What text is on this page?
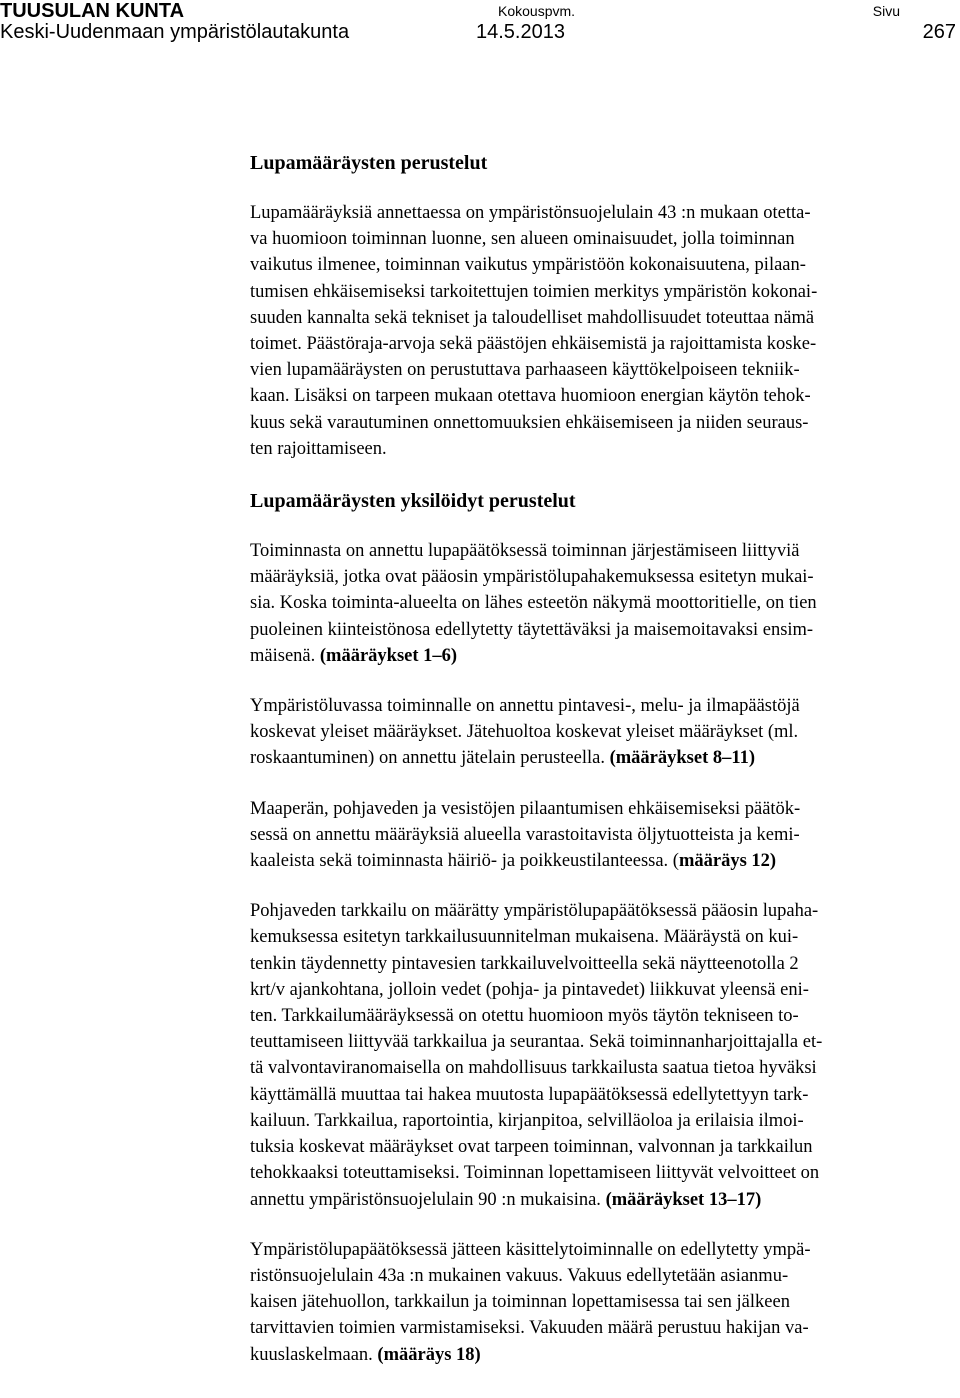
TUUSULAN KUNTA	Kokouspvm.	Sivu
Keski-Uudenmaan ympäristölautakunta	14.5.2013	267
Lupamääräysten perustelut

Lupamääräyksiä annettaessa on ympäristönsuojelulain 43 :n mukaan otetta-
va huomioon toiminnan luonne, sen alueen ominaisuudet, jolla toiminnan
vaikutus ilmenee, toiminnan vaikutus ympäristöön kokonaisuutena, pilaan-
tumisen ehkäisemiseksi tarkoitettujen toimien merkitys ympäristön kokonai-
suuden kannalta sekä tekniset ja taloudelliset mahdollisuudet toteuttaa nämä
toimet. Päästöraja-arvoja sekä päästöjen ehkäisemistä ja rajoittamista koske-
vien lupamääräysten on perustuttava parhaaseen käyttökelpoiseen tekniik-
kaan. Lisäksi on tarpeen mukaan otettava huomioon energian käytön tehok-
kuus sekä varautuminen onnettomuuksien ehkäisemiseen ja niiden seuraus-
ten rajoittamiseen.

Lupamääräysten yksilöidyt perustelut

Toiminnasta on annettu lupapäätöksessä toiminnan järjestämiseen liittyviä
määräyksiä, jotka ovat pääosin ympäristölupahakemuksessa esitetyn mukai-
sia. Koska toiminta-alueelta on lähes esteetön näkymä moottoritielle, on tien
puoleinen kiinteistönosa edellytetty täytettäväksi ja maisemoitavaksi ensim-
mäisenä. (määräykset 1–6)

Ympäristöluvassa toiminnalle on annettu pintavesi-, melu- ja ilmapäästöjä
koskevat yleiset määräykset. Jätehuoltoa koskevat yleiset määräykset (ml.
roskaantuminen) on annettu jätelain perusteella. (määräykset 8–11)

Maaperän, pohjaveden ja vesistöjen pilaantumisen ehkäisemiseksi päätök-
sessä on annettu määräyksiä alueella varastoitavista öljytuotteista ja kemi-
kaaleista sekä toiminnasta häiriö- ja poikkeustilanteessa. (määräys 12)

Pohjaveden tarkkailu on määrätty ympäristölupapäätöksessä pääosin lupaha-
kemuksessa esitetyn tarkkailusuunnitelman mukaisena. Määräystä on kui-
tenkin täydennetty pintavesien tarkkailuvelvoitteella sekä näytteenotolla 2
krt/v ajankohtana, jolloin vedet (pohja- ja pintavedet) liikkuvat yleensä eni-
ten. Tarkkailumääräyksessä on otettu huomioon myös täytön tekniseen to-
teuttamiseen liittyvää tarkkailua ja seurantaa. Sekä toiminnanharjoittajalla et-
tä valvontaviranomaisella on mahdollisuus tarkkailusta saatua tietoa hyväksi
käyttämällä muuttaa tai hakea muutosta lupapäätöksessä edellytettyyn tark-
kailuun. Tarkkailua, raportointia, kirjanpitoa, selvilläoloa ja erilaisia ilmoi-
tuksia koskevat määräykset ovat tarpeen toiminnan, valvonnan ja tarkkailun
tehokkaaksi toteuttamiseksi. Toiminnan lopettamiseen liittyvät velvoitteet on
annettu ympäristönsuojelulain 90 :n mukaisina. (määräykset 13–17)

Ympäristölupapäätöksessä jätteen käsittelytoiminnalle on edellytetty ympä-
ristönsuojelulain 43a :n mukainen vakuus. Vakuus edellytetään asianmu-
kaisen jätehuollon, tarkkailun ja toiminnan lopettamisessa tai sen jälkeen
tarvittavien toimien varmistamiseksi. Vakuuden määrä perustuu hakijan va-
kuuslaskelmaan. (määräys 18)
